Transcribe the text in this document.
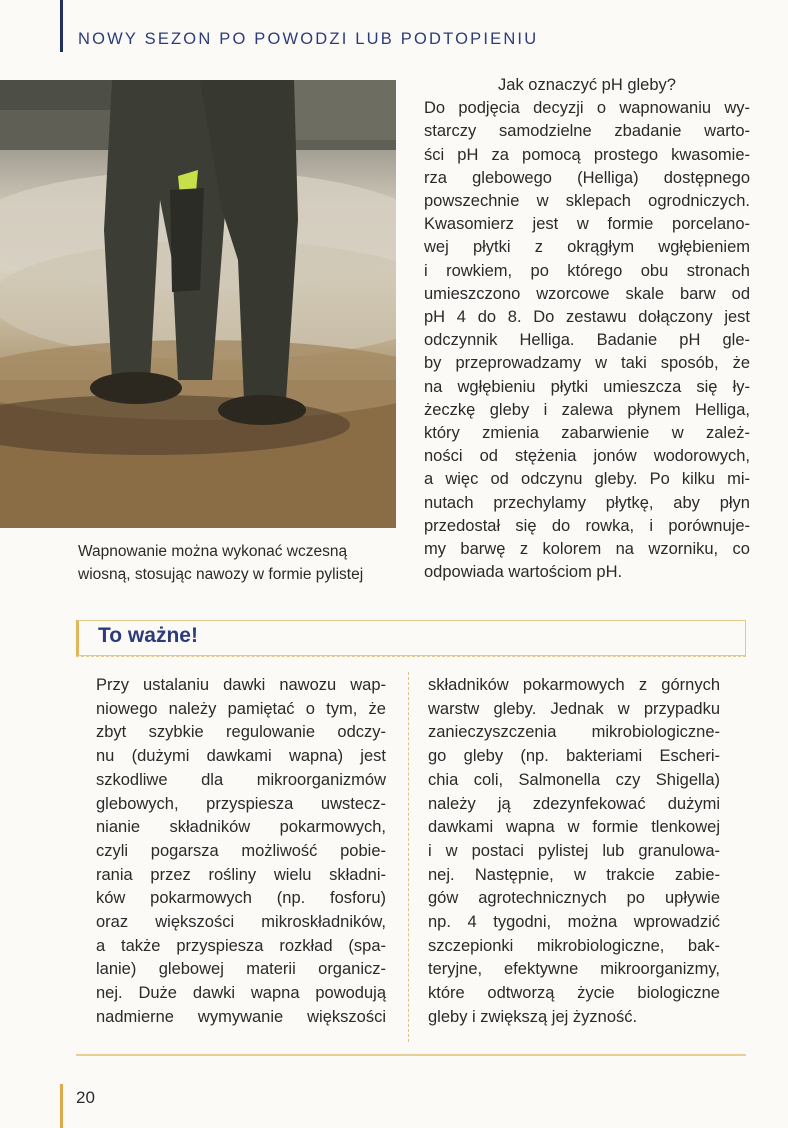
NOWY SEZON PO POWODZI LUB PODTOPIENIU
Wapnowanie można wykonać wczesną
wiosną, stosując nawozy w formie pylistej
Jak oznaczyć pH gleby?
Do podjęcia decyzji o wapnowaniu wy-
starczy samodzielne zbadanie warto-
ści pH za pomocą prostego kwasomie-
rza glebowego (Helliga) dostępnego
powszechnie w sklepach ogrodniczych.
Kwasomierz jest w formie porcelano-
wej płytki z okrągłym wgłębieniem
i rowkiem, po którego obu stronach
umieszczono wzorcowe skale barw od
pH 4 do 8. Do zestawu dołączony jest
odczynnik Helliga. Badanie pH gle-
by przeprowadzamy w taki sposób, że
na wgłębieniu płytki umieszcza się ły-
żeczkę gleby i zalewa płynem Helliga,
który zmienia zabarwienie w zależ-
ności od stężenia jonów wodorowych,
a więc od odczynu gleby. Po kilku mi-
nutach przechylamy płytkę, aby płyn
przedostał się do rowka, i porównuje-
my barwę z kolorem na wzorniku, co
odpowiada wartościom pH.
To ważne!
Przy ustalaniu dawki nawozu wap-
niowego należy pamiętać o tym, że
zbyt szybkie regulowanie odczy-
nu (dużymi dawkami wapna) jest
szkodliwe dla mikroorganizmów
glebowych, przyspiesza uwstecz-
nianie składników pokarmowych,
czyli pogarsza możliwość pobie-
rania przez rośliny wielu składni-
ków pokarmowych (np. fosforu)
oraz większości mikroskładników,
a także przyspiesza rozkład (spa-
lanie) glebowej materii organicz-
nej. Duże dawki wapna powodują
nadmierne wymywanie większości
składników pokarmowych z górnych
warstw gleby. Jednak w przypadku
zanieczyszczenia mikrobiologiczne-
go gleby (np. bakteriami Escheri-
chia coli, Salmonella czy Shigella)
należy ją zdezynfekować dużymi
dawkami wapna w formie tlenkowej
i w postaci pylistej lub granulowa-
nej. Następnie, w trakcie zabie-
gów agrotechnicznych po upływie
np. 4 tygodni, można wprowadzić
szczepionki mikrobiologiczne, bak-
teryjne, efektywne mikroorganizmy,
które odtworzą życie biologiczne
gleby i zwiększą jej żyzność.
20
